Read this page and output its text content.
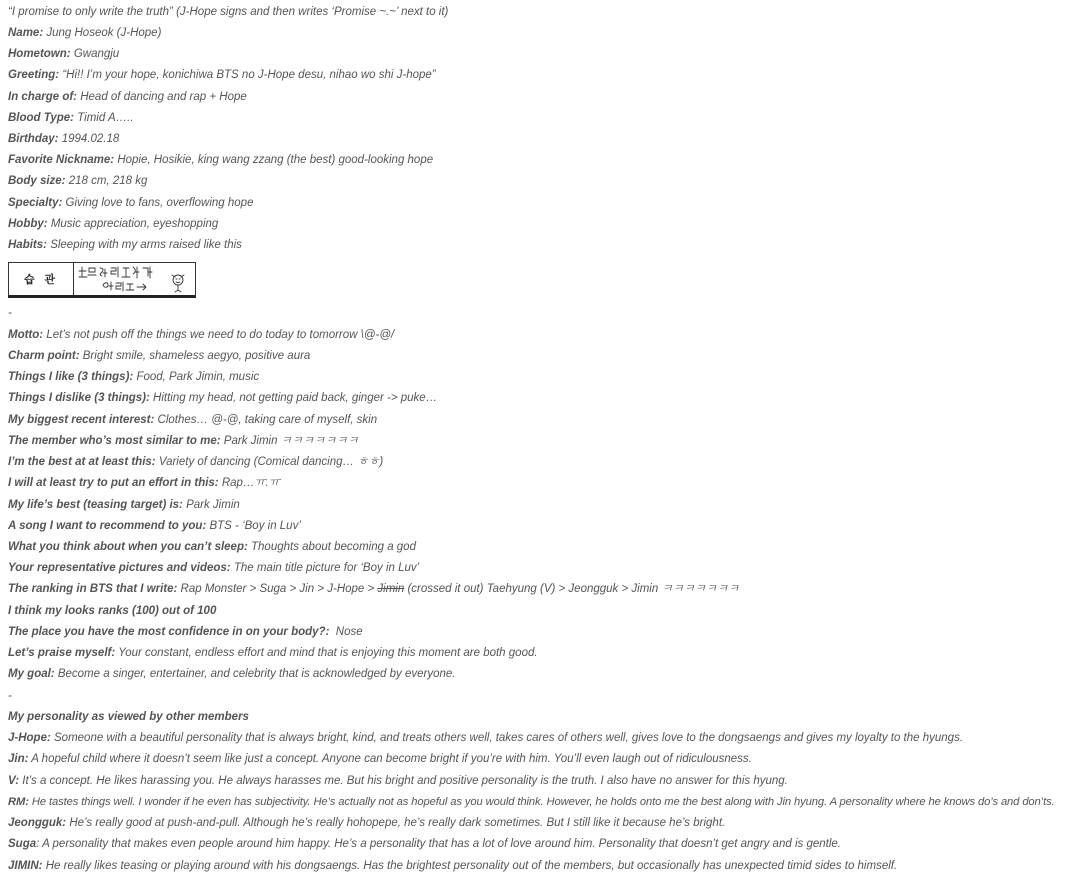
“I promise to only write the truth” (J-Hope signs and then writes ‘Promise ~.~’ next to it)
Name: Jung Hoseok (J-Hope)
Hometown: Gwangju
Greeting: “Hi!! I’m your hope, konichiwa BTS no J-Hope desu, nihao wo shi J-hope”
In charge of: Head of dancing and rap + Hope
Blood Type: Timid A…..
Birthday: 1994.02.18
Favorite Nickname: Hopie, Hosikie, king wang zzang (the best) good-looking hope
Body size: 218 cm, 218 kg
Specialty: Giving love to fans, overflowing hope
Hobby: Music appreciation, eyeshopping
Habits: Sleeping with my arms raised like this
습 관
-
Motto: Let’s not push off the things we need to do today to tomorrow \@-@/
Charm point: Bright smile, shameless aegyo, positive aura
Things I like (3 things): Food, Park Jimin, music
Things I dislike (3 things): Hitting my head, not getting paid back, ginger -> puke…
My biggest recent interest: Clothes… @-@, taking care of myself, skin
The member who’s most similar to me: Park Jimin ㅋㅋㅋㅋㅋㅋㅋ
I’m the best at at least this: Variety of dancing (Comical dancing… ㅎㅎ)
I will at least try to put an effort in this: Rap…ㅠ.ㅠ
My life’s best (teasing target) is: Park Jimin
A song I want to recommend to you: BTS - ‘Boy in Luv’
What you think about when you can’t sleep: Thoughts about becoming a god
Your representative pictures and videos: The main title picture for ‘Boy in Luv’
The ranking in BTS that I write: Rap Monster > Suga > Jin > J-Hope > Jimin (crossed it out) Taehyung (V) > Jeongguk > Jimin ㅋㅋㅋㅋㅋㅋㅋ
I think my looks ranks (100) out of 100
The place you have the most confidence in on your body?: Nose
Let’s praise myself: Your constant, endless effort and mind that is enjoying this moment are both good.
My goal: Become a singer, entertainer, and celebrity that is acknowledged by everyone.
-
My personality as viewed by other members
J-Hope: Someone with a beautiful personality that is always bright, kind, and treats others well, takes cares of others well, gives love to the dongsaengs and gives my loyalty to the hyungs.
Jin: A hopeful child where it doesn’t seem like just a concept. Anyone can become bright if you’re with him. You’ll even laugh out of ridiculousness.
V: It’s a concept. He likes harassing you. He always harasses me. But his bright and positive personality is the truth. I also have no answer for this hyung.
RM: He tastes things well. I wonder if he even has subjectivity. He’s actually not as hopeful as you would think. However, he holds onto me the best along with Jin hyung. A personality where he knows do’s and don’ts.
Jeongguk: He’s really good at push-and-pull. Although he’s really hohopepe, he’s really dark sometimes. But I still like it because he’s bright.
Suga: A personality that makes even people around him happy. He’s a personality that has a lot of love around him. Personality that doesn’t get angry and is gentle.
JIMIN: He really likes teasing or playing around with his dongsaengs. Has the brightest personality out of the members, but occasionally has unexpected timid sides to himself.
